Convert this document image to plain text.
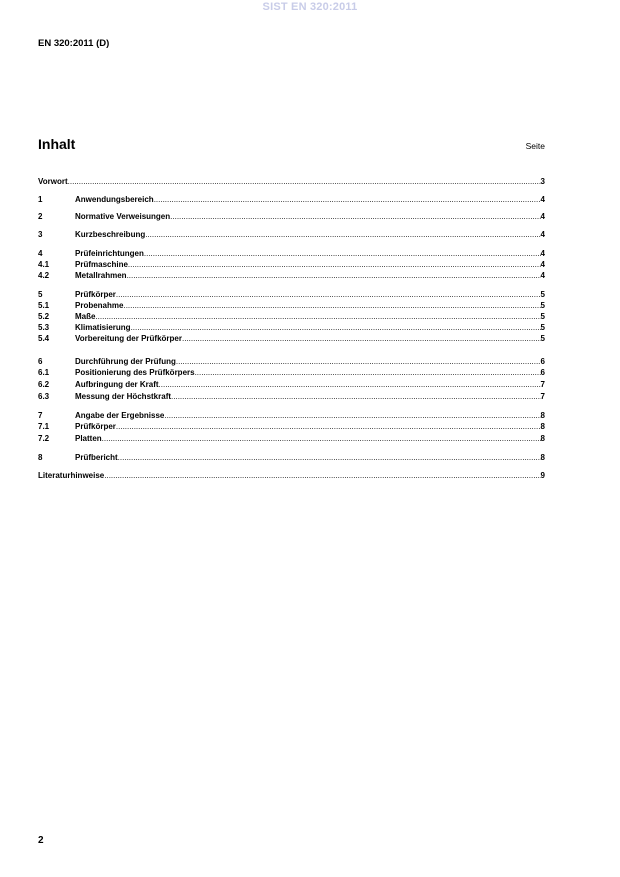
SIST EN 320:2011
EN 320:2011 (D)
Inhalt	Seite
Vorwort .....	3
1	Anwendungsbereich .....	4
2	Normative Verweisungen .....	4
3	Kurzbeschreibung .....	4
4	Prüfeinrichtungen .....	4
4.1	Prüfmaschine .....	4
4.2	Metallrahmen .....	4
5	Prüfkörper .....	5
5.1	Probenahme .....	5
5.2	Maße .....	5
5.3	Klimatisierung .....	5
5.4	Vorbereitung der Prüfkörper .....	5
6	Durchführung der Prüfung .....	6
6.1	Positionierung des Prüfkörpers .....	6
6.2	Aufbringung der Kraft .....	7
6.3	Messung der Höchstkraft .....	7
7	Angabe der Ergebnisse .....	8
7.1	Prüfkörper .....	8
7.2	Platten .....	8
8	Prüfbericht .....	8
Literaturhinweise .....	9
2
